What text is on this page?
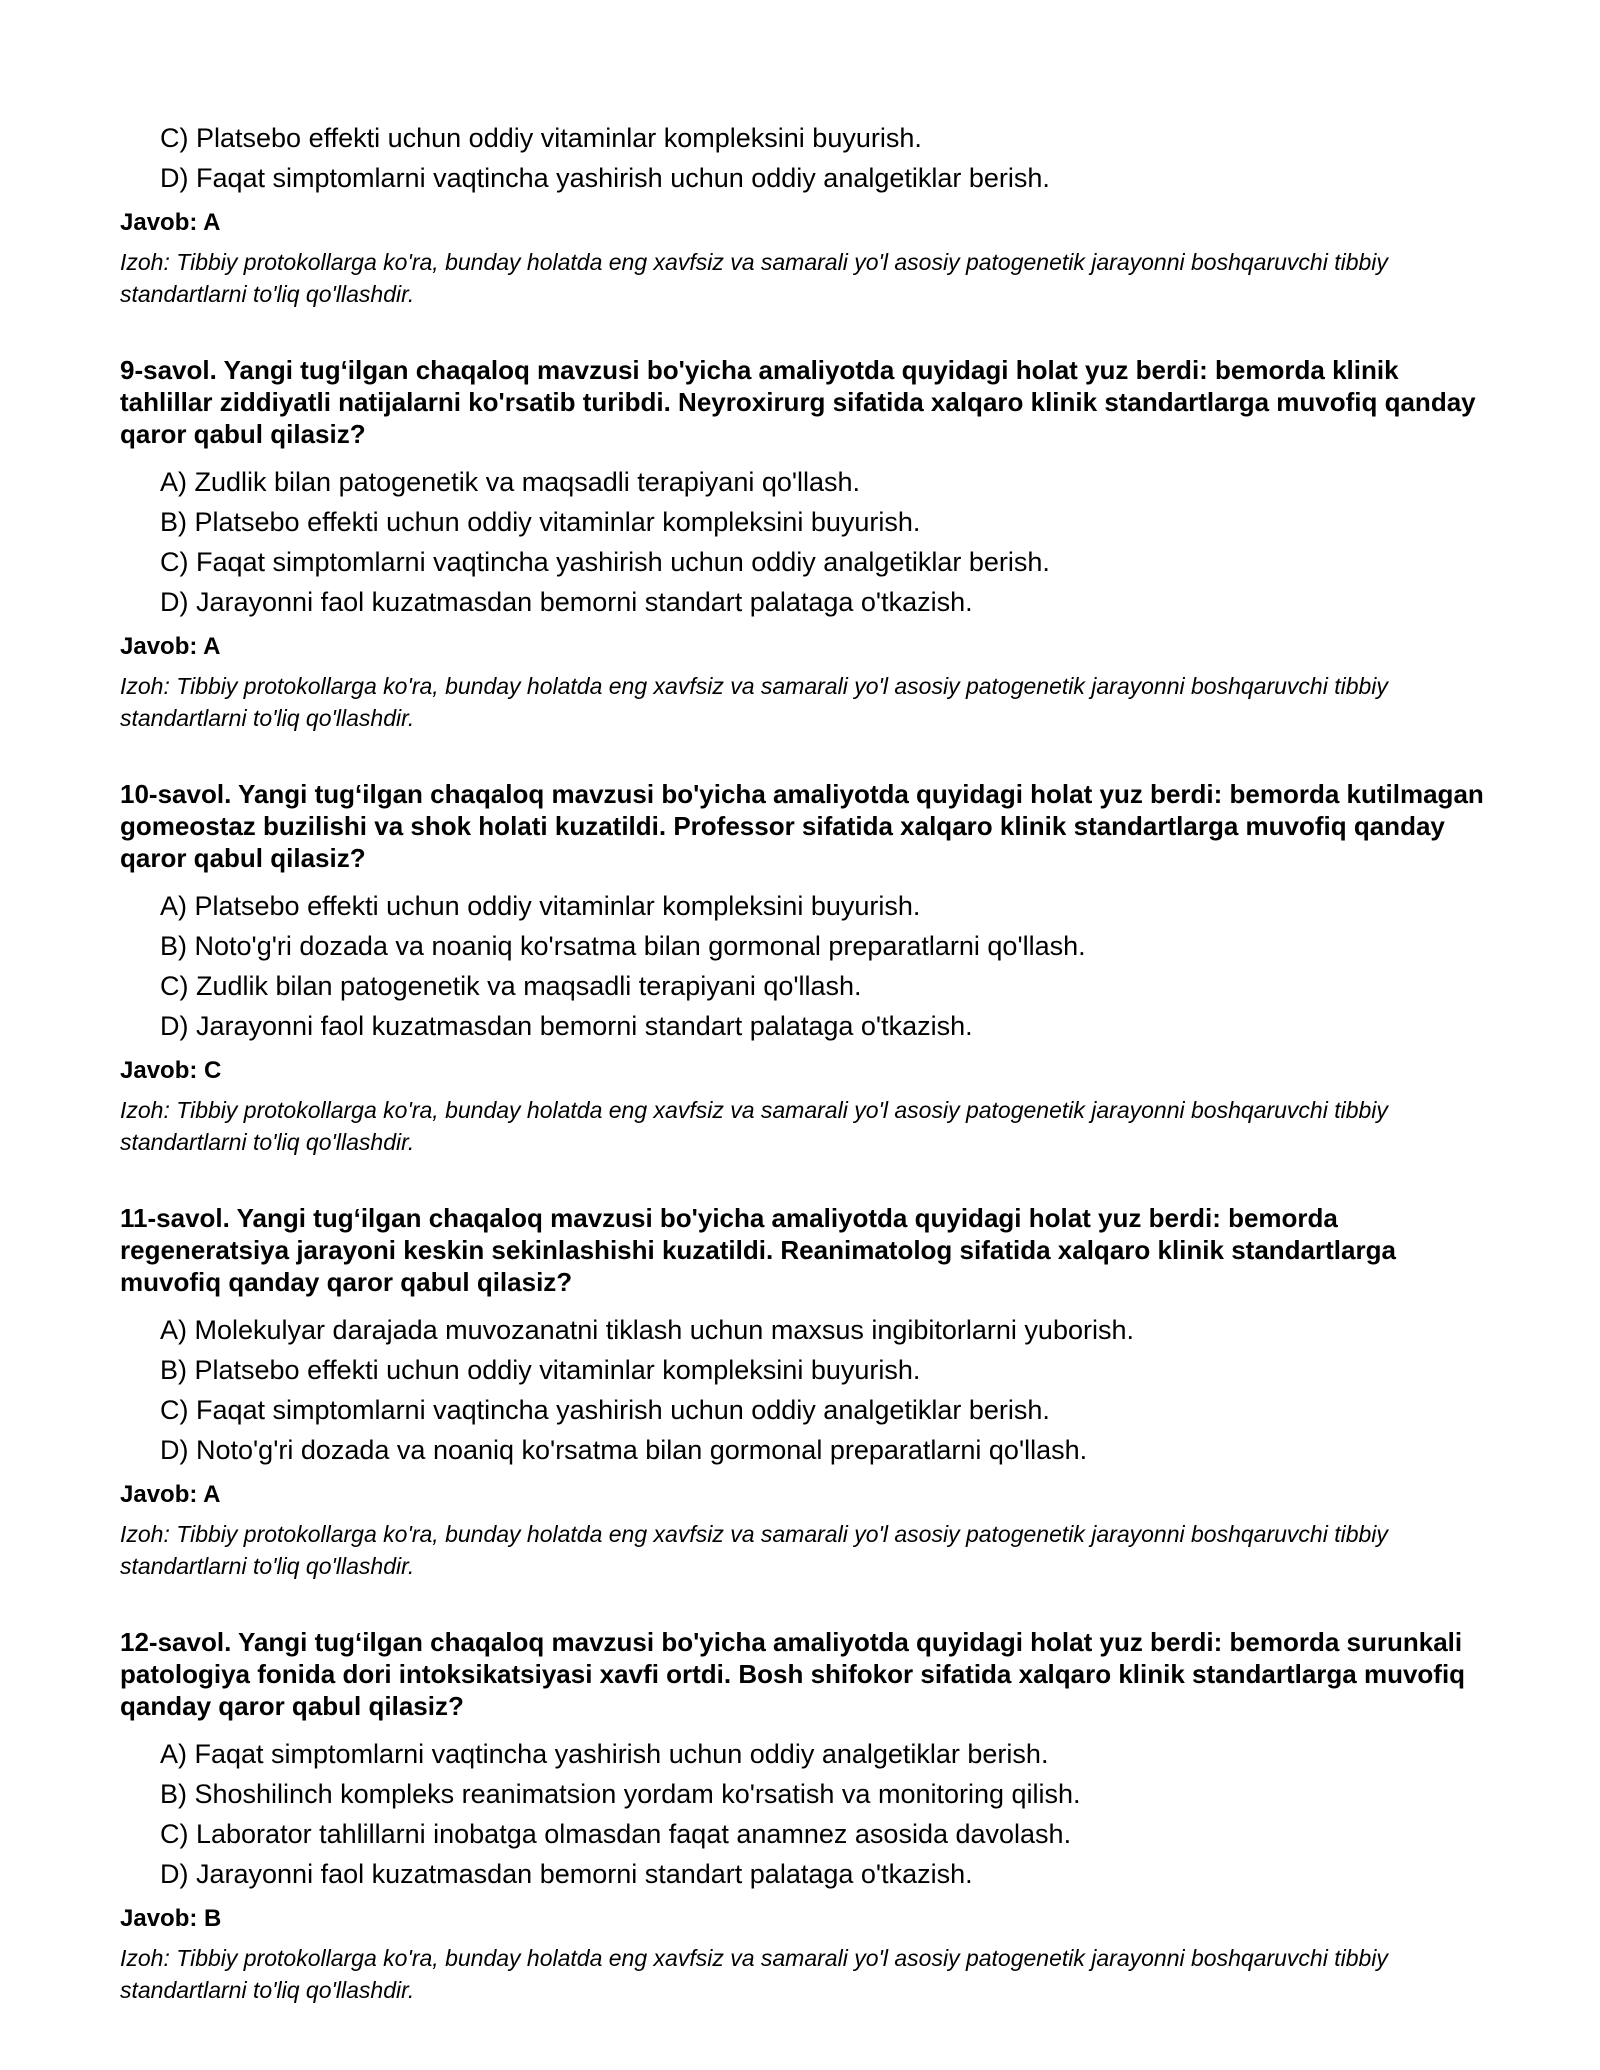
C) Platsebo effekti uchun oddiy vitaminlar kompleksini buyurish.
D) Faqat simptomlarni vaqtincha yashirish uchun oddiy analgetiklar berish.
Javob: A
Izoh: Tibbiy protokollarga ko'ra, bunday holatda eng xavfsiz va samarali yo'l asosiy patogenetik jarayonni boshqaruvchi tibbiy standartlarni to'liq qo'llashdir.
9-savol. Yangi tug‘ilgan chaqaloq mavzusi bo'yicha amaliyotda quyidagi holat yuz berdi: bemorda klinik tahlillar ziddiyatli natijalarni ko'rsatib turibdi. Neyroxirurg sifatida xalqaro klinik standartlarga muvofiq qanday qaror qabul qilasiz?
A) Zudlik bilan patogenetik va maqsadli terapiyani qo'llash.
B) Platsebo effekti uchun oddiy vitaminlar kompleksini buyurish.
C) Faqat simptomlarni vaqtincha yashirish uchun oddiy analgetiklar berish.
D) Jarayonni faol kuzatmasdan bemorni standart palataga o'tkazish.
Javob: A
Izoh: Tibbiy protokollarga ko'ra, bunday holatda eng xavfsiz va samarali yo'l asosiy patogenetik jarayonni boshqaruvchi tibbiy standartlarni to'liq qo'llashdir.
10-savol. Yangi tug‘ilgan chaqaloq mavzusi bo'yicha amaliyotda quyidagi holat yuz berdi: bemorda kutilmagan gomeostaz buzilishi va shok holati kuzatildi. Professor sifatida xalqaro klinik standartlarga muvofiq qanday qaror qabul qilasiz?
A) Platsebo effekti uchun oddiy vitaminlar kompleksini buyurish.
B) Noto'g'ri dozada va noaniq ko'rsatma bilan gormonal preparatlarni qo'llash.
C) Zudlik bilan patogenetik va maqsadli terapiyani qo'llash.
D) Jarayonni faol kuzatmasdan bemorni standart palataga o'tkazish.
Javob: C
Izoh: Tibbiy protokollarga ko'ra, bunday holatda eng xavfsiz va samarali yo'l asosiy patogenetik jarayonni boshqaruvchi tibbiy standartlarni to'liq qo'llashdir.
11-savol. Yangi tug‘ilgan chaqaloq mavzusi bo'yicha amaliyotda quyidagi holat yuz berdi: bemorda regeneratsiya jarayoni keskin sekinlashishi kuzatildi. Reanimatolog sifatida xalqaro klinik standartlarga muvofiq qanday qaror qabul qilasiz?
A) Molekulyar darajada muvozanatni tiklash uchun maxsus ingibitorlarni yuborish.
B) Platsebo effekti uchun oddiy vitaminlar kompleksini buyurish.
C) Faqat simptomlarni vaqtincha yashirish uchun oddiy analgetiklar berish.
D) Noto'g'ri dozada va noaniq ko'rsatma bilan gormonal preparatlarni qo'llash.
Javob: A
Izoh: Tibbiy protokollarga ko'ra, bunday holatda eng xavfsiz va samarali yo'l asosiy patogenetik jarayonni boshqaruvchi tibbiy standartlarni to'liq qo'llashdir.
12-savol. Yangi tug‘ilgan chaqaloq mavzusi bo'yicha amaliyotda quyidagi holat yuz berdi: bemorda surunkali patologiya fonida dori intoksikatsiyasi xavfi ortdi. Bosh shifokor sifatida xalqaro klinik standartlarga muvofiq qanday qaror qabul qilasiz?
A) Faqat simptomlarni vaqtincha yashirish uchun oddiy analgetiklar berish.
B) Shoshilinch kompleks reanimatsion yordam ko'rsatish va monitoring qilish.
C) Laborator tahlillarni inobatga olmasdan faqat anamnez asosida davolash.
D) Jarayonni faol kuzatmasdan bemorni standart palataga o'tkazish.
Javob: B
Izoh: Tibbiy protokollarga ko'ra, bunday holatda eng xavfsiz va samarali yo'l asosiy patogenetik jarayonni boshqaruvchi tibbiy standartlarni to'liq qo'llashdir.
